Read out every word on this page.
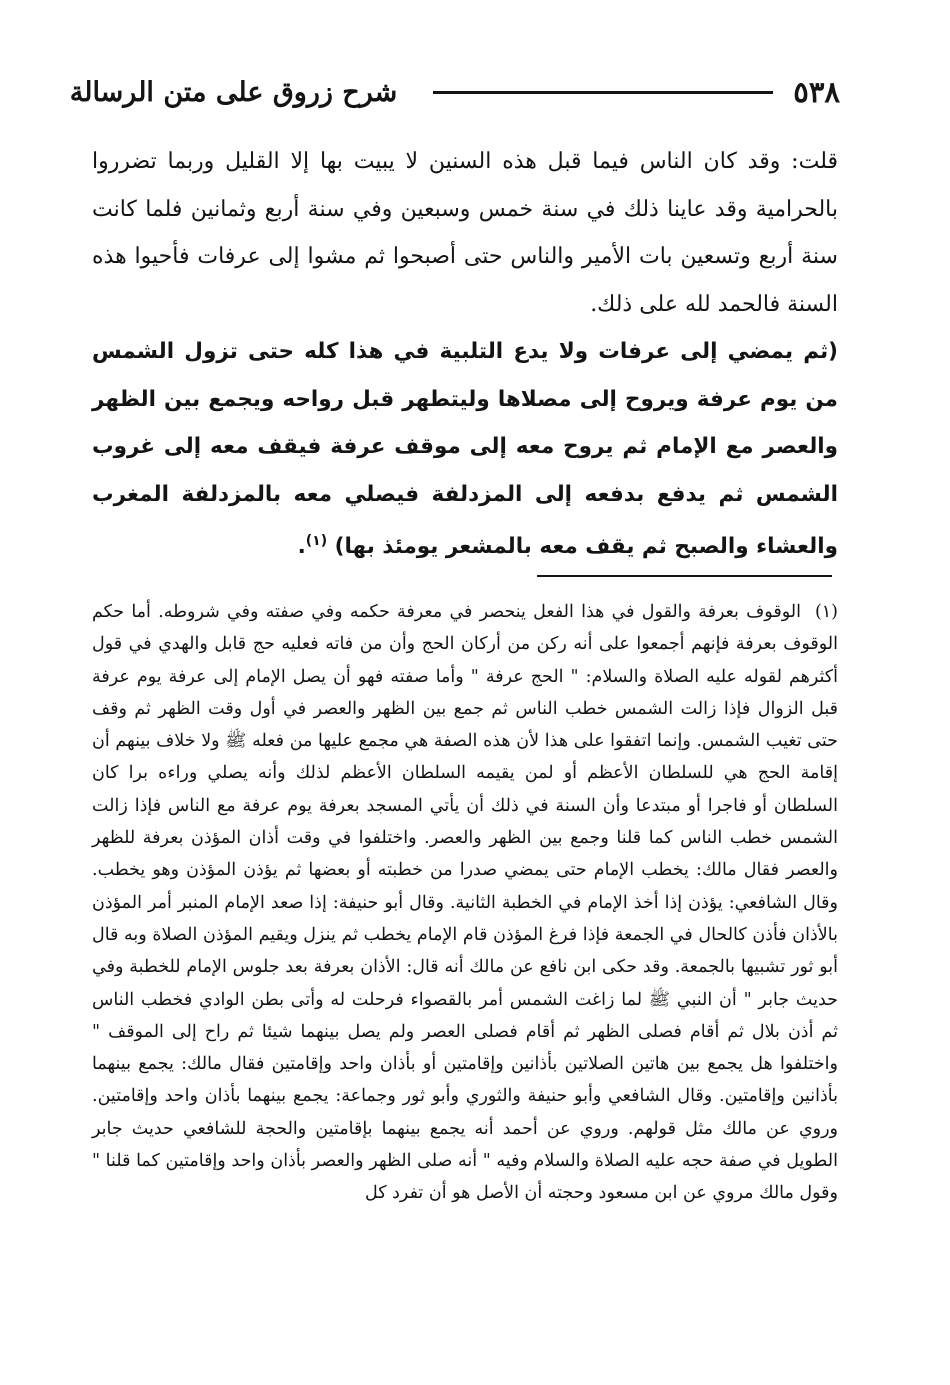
٥٣٨
شرح زروق على متن الرسالة

قلت: وقد كان الناس فيما قبل هذه السنين لا يبيت بها إلا القليل وربما تضرروا بالحرامية وقد عاينا ذلك في سنة خمس وسبعين وفي سنة أربع وثمانين فلما كانت سنة أربع وتسعين بات الأمير والناس حتى أصبحوا ثم مشوا إلى عرفات فأحيوا هذه السنة فالحمد لله على ذلك.

(ثم يمضي إلى عرفات ولا يدع التلبية في هذا كله حتى تزول الشمس من يوم عرفة ويروح إلى مصلاها وليتطهر قبل رواحه ويجمع بين الظهر والعصر مع الإمام ثم يروح معه إلى موقف عرفة فيقف معه إلى غروب الشمس ثم يدفع بدفعه إلى المزدلفة فيصلي معه بالمزدلفة المغرب والعشاء والصبح ثم يقف معه بالمشعر يومئذ بها) $^{(١)}$.

(١)الوقوف بعرفة والقول في هذا الفعل ينحصر في معرفة حكمه وفي صفته وفي شروطه. أما حكم الوقوف بعرفة فإنهم أجمعوا على أنه ركن من أركان الحج وأن من فاته فعليه حج قابل والهدي في قول أكثرهم لقوله عليه الصلاة والسلام: " الحج عرفة " وأما صفته فهو أن يصل الإمام إلى عرفة يوم عرفة قبل الزوال فإذا زالت الشمس خطب الناس ثم جمع بين الظهر والعصر في أول وقت الظهر ثم وقف حتى تغيب الشمس. وإنما اتفقوا على هذا لأن هذه الصفة هي مجمع عليها من فعله ﷺ ولا خلاف بينهم أن إقامة الحج هي للسلطان الأعظم أو لمن يقيمه السلطان الأعظم لذلك وأنه يصلي وراءه برا كان السلطان أو فاجرا أو مبتدعا وأن السنة في ذلك أن يأتي المسجد بعرفة يوم عرفة مع الناس فإذا زالت الشمس خطب الناس كما قلنا وجمع بين الظهر والعصر. واختلفوا في وقت أذان المؤذن بعرفة للظهر والعصر فقال مالك: يخطب الإمام حتى يمضي صدرا من خطبته أو بعضها ثم يؤذن المؤذن وهو يخطب. وقال الشافعي: يؤذن إذا أخذ الإمام في الخطبة الثانية. وقال أبو حنيفة: إذا صعد الإمام المنبر أمر المؤذن بالأذان فأذن كالحال في الجمعة فإذا فرغ المؤذن قام الإمام يخطب ثم ينزل ويقيم المؤذن الصلاة وبه قال أبو ثور تشبيها بالجمعة. وقد حكى ابن نافع عن مالك أنه قال: الأذان بعرفة بعد جلوس الإمام للخطبة وفي حديث جابر " أن النبي ﷺ لما زاغت الشمس أمر بالقصواء فرحلت له وأتى بطن الوادي فخطب الناس ثم أذن بلال ثم أقام فصلى الظهر ثم أقام فصلى العصر ولم يصل بينهما شيئا ثم راح إلى الموقف " واختلفوا هل يجمع بين هاتين الصلاتين بأذانين وإقامتين أو بأذان واحد وإقامتين فقال مالك: يجمع بينهما بأذانين وإقامتين. وقال الشافعي وأبو حنيفة والثوري وأبو ثور وجماعة: يجمع بينهما بأذان واحد وإقامتين. وروي عن مالك مثل قولهم. وروي عن أحمد أنه يجمع بينهما بإقامتين والحجة للشافعي حديث جابر الطويل في صفة حجه عليه الصلاة والسلام وفيه " أنه صلى الظهر والعصر بأذان واحد وإقامتين كما قلنا " وقول مالك مروي عن ابن مسعود وحجته أن الأصل هو أن تفرد كل
